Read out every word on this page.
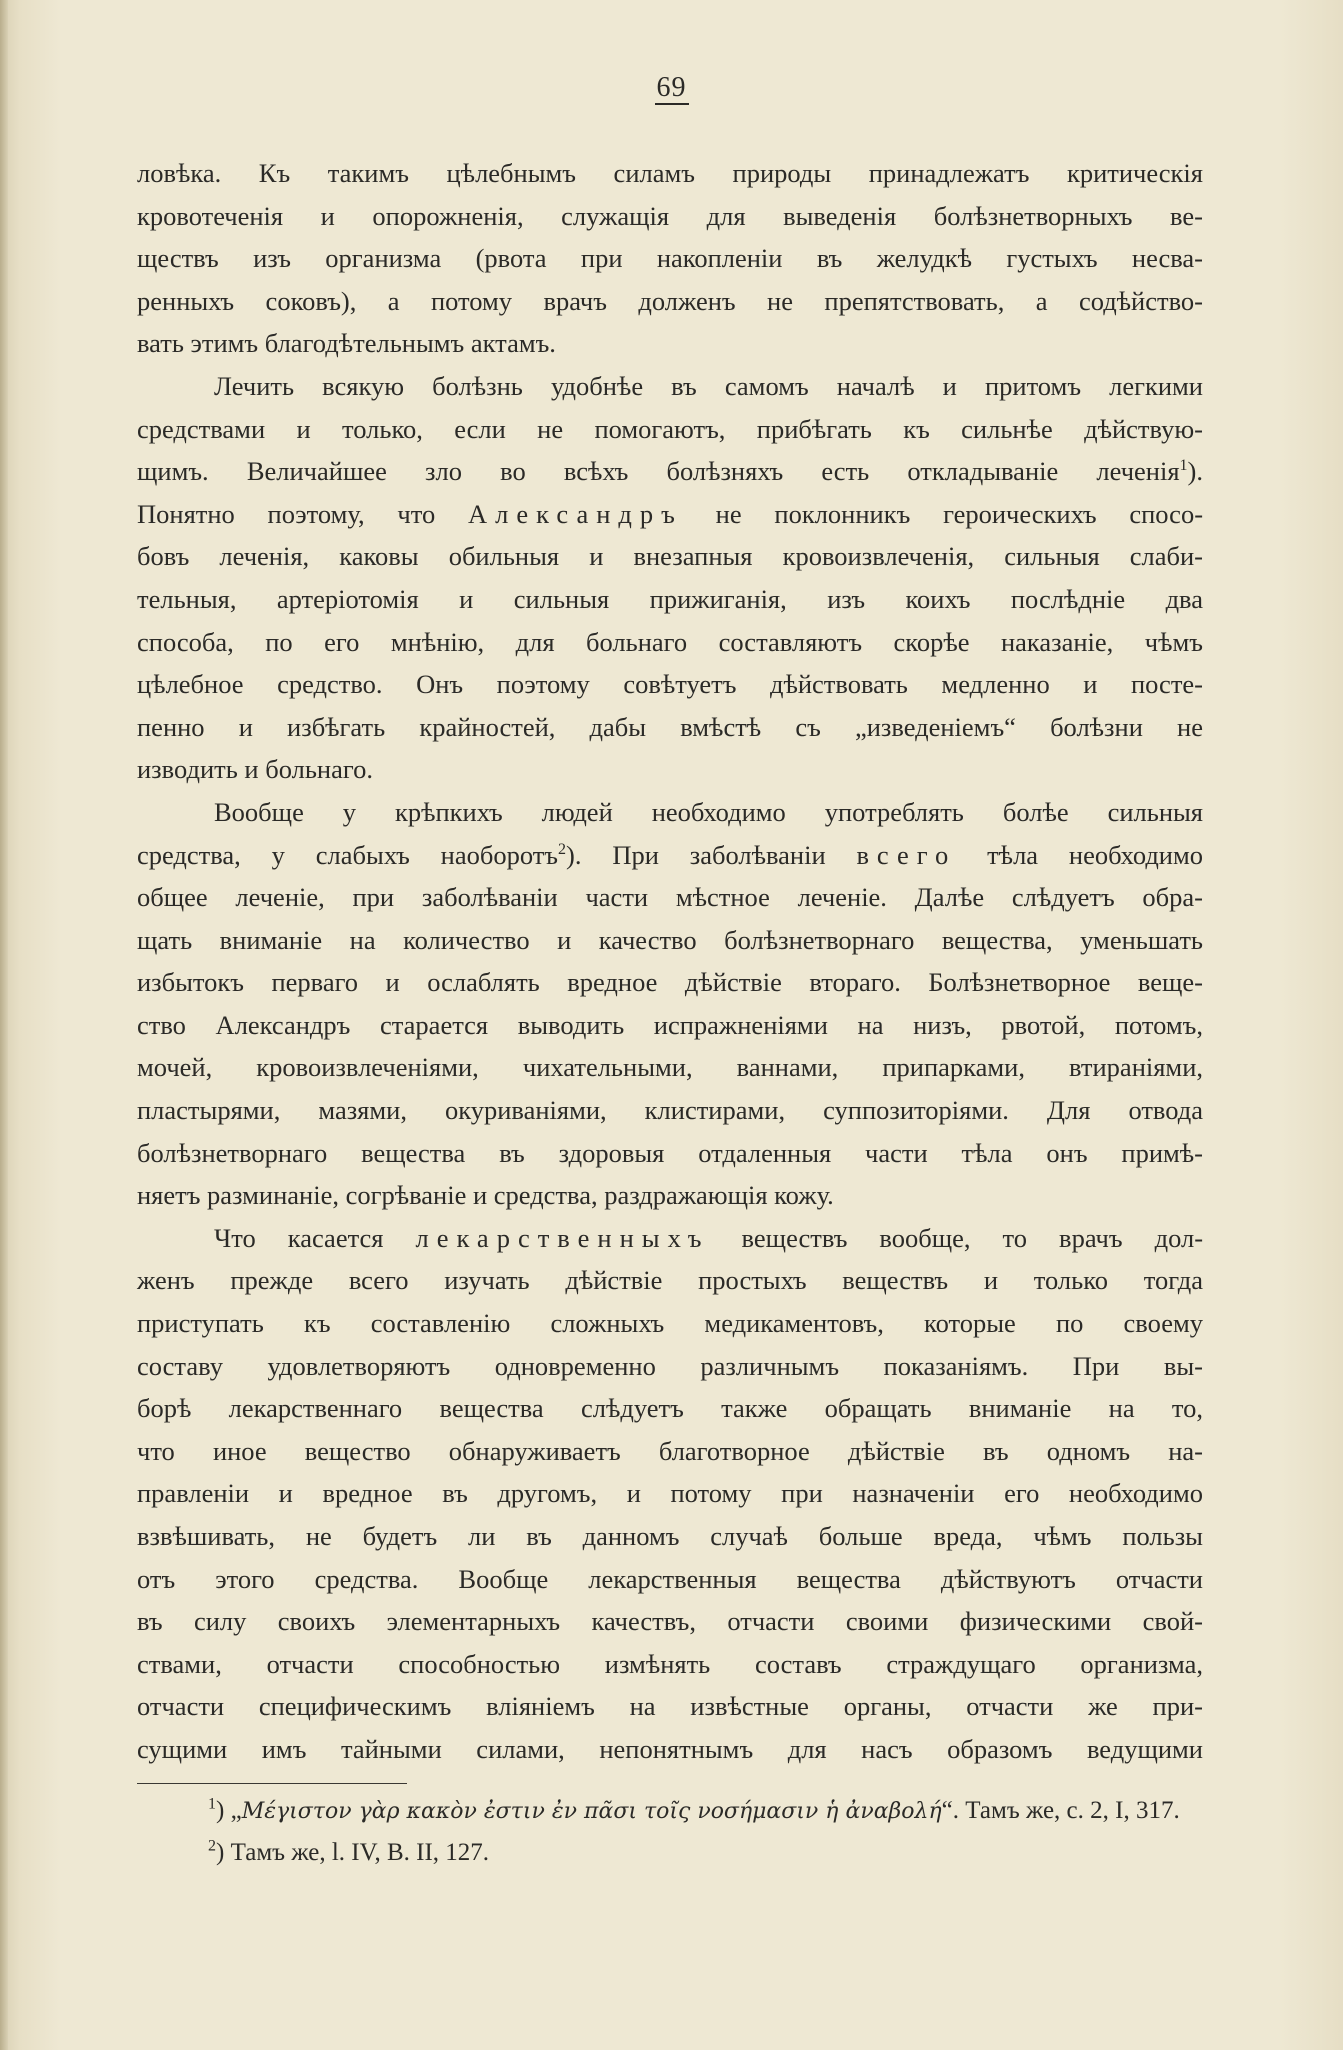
69
ловѣка. Къ такимъ цѣлебнымъ силамъ природы принадлежатъ критическія
кровотеченія и опорожненія, служащія для выведенія болѣзнетворныхъ ве-
ществъ изъ организма (рвота при накопленіи въ желудкѣ густыхъ несва-
ренныхъ соковъ), а потому врачъ долженъ не препятствовать, а содѣйство-
вать этимъ благодѣтельнымъ актамъ.
Лечить всякую болѣзнь удобнѣе въ самомъ началѣ и притомъ легкими
средствами и только, если не помогаютъ, прибѣгать къ сильнѣе дѣйствую-
щимъ. Величайшее зло во всѣхъ болѣзняхъ есть откладываніе леченія$^1$).
Понятно поэтому, что Александръ не поклонникъ героическихъ спосо-
бовъ леченія, каковы обильныя и внезапныя кровоизвлеченія, сильныя слаби-
тельныя, артеріотомія и сильныя прижиганія, изъ коихъ послѣдніе два
способа, по его мнѣнію, для больнаго составляютъ скорѣе наказаніе, чѣмъ
цѣлебное средство. Онъ поэтому совѣтуетъ дѣйствовать медленно и посте-
пенно и избѣгать крайностей, дабы вмѣстѣ съ „изведеніемъ“ болѣзни не
изводить и больнаго.
Вообще у крѣпкихъ людей необходимо употреблять болѣе сильныя
средства, у слабыхъ наоборотъ$^2$). При заболѣваніи всего тѣла необходимо
общее леченіе, при заболѣваніи части мѣстное леченіе. Далѣе слѣдуетъ обра-
щать вниманіе на количество и качество болѣзнетворнаго вещества, уменьшать
избытокъ перваго и ослаблять вредное дѣйствіе втораго. Болѣзнетворное веще-
ство Александръ старается выводить испражненіями на низъ, рвотой, потомъ,
мочей, кровоизвлеченіями, чихательными, ваннами, припарками, втираніями,
пластырями, мазями, окуриваніями, клистирами, суппозиторіями. Для отвода
болѣзнетворнаго вещества въ здоровыя отдаленныя части тѣла онъ примѣ-
няетъ разминаніе, согрѣваніе и средства, раздражающія кожу.
Что касается лекарственныхъ веществъ вообще, то врачъ дол-
женъ прежде всего изучать дѣйствіе простыхъ веществъ и только тогда
приступать къ составленію сложныхъ медикаментовъ, которые по своему
составу удовлетворяютъ одновременно различнымъ показаніямъ. При вы-
борѣ лекарственнаго вещества слѣдуетъ также обращать вниманіе на то,
что иное вещество обнаруживаетъ благотворное дѣйствіе въ одномъ на-
правленіи и вредное въ другомъ, и потому при назначеніи его необходимо
взвѣшивать, не будетъ ли въ данномъ случаѣ больше вреда, чѣмъ пользы
отъ этого средства. Вообще лекарственныя вещества дѣйствуютъ отчасти
въ силу своихъ элементарныхъ качествъ, отчасти своими физическими свой-
ствами, отчасти способностью измѣнять составъ страждущаго организма,
отчасти специфическимъ вліяніемъ на извѣстные органы, отчасти же при-
сущими имъ тайными силами, непонятнымъ для насъ образомъ ведущими
$^1$) „Μέγιστον γὰρ κακὸν ἐστιν ἐν πᾶσι τοῖς νοσήμασιν ἡ ἀναβολή“. Тамъ же, с. 2, I, 317.
$^2$) Тамъ же, l. IV, B. II, 127.
